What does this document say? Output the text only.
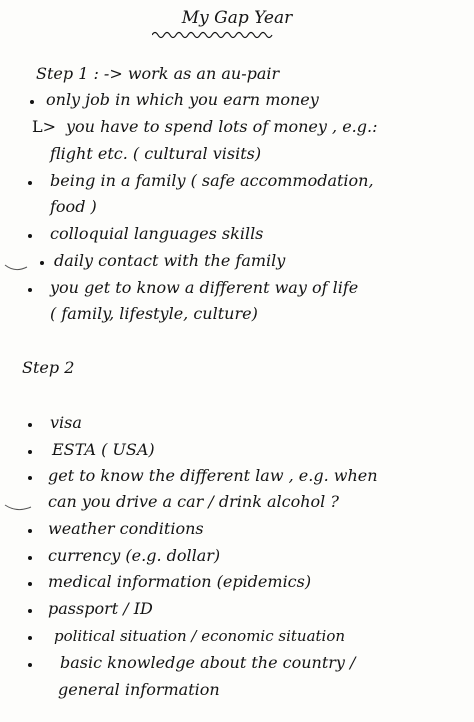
My Gap Year
Step 1 : -> work as an au-pair
only job in which you earn money
L> you have to spend lots of money , e.g.:
flight etc. ( cultural visits)
being in a family ( safe accommodation,
food )
colloquial languages skills
daily contact with the family
you get to know a different way of life
( family, lifestyle, culture)
Step 2
visa
ESTA ( USA)
get to know the different law , e.g. when
can you drive a car / drink alcohol ?
weather conditions
currency (e.g. dollar)
medical information (epidemics)
passport / ID
political situation / economic situation
basic knowledge about the country /
general information
